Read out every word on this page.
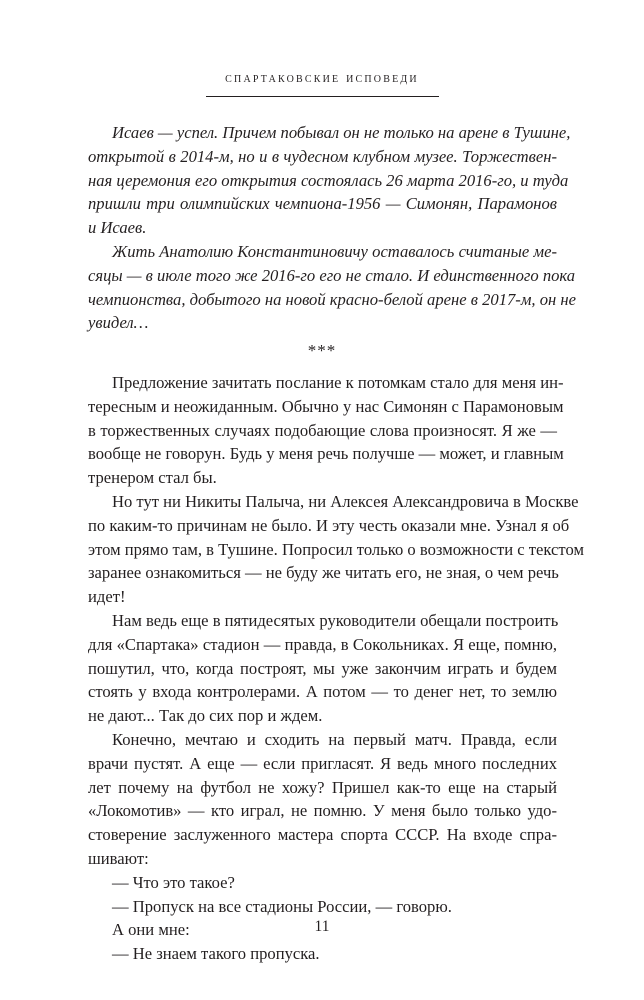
спартаковские исповеди
Исаев — успел. Причем побывал он не только на арене в Тушине,
открытой в 2014-м, но и в чудесном клубном музее. Торжествен-
ная церемония его открытия состоялась 26 марта 2016-го, и туда
пришли три олимпийских чемпиона-1956 — Симонян, Парамонов
и Исаев.
Жить Анатолию Константиновичу оставалось считаные ме-
сяцы — в июле того же 2016-го его не стало. И единственного пока
чемпионства, добытого на новой красно-белой арене в 2017-м, он не
увидел…
***
Предложение зачитать послание к потомкам стало для меня ин-
тересным и неожиданным. Обычно у нас Симонян с Парамоновым
в торжественных случаях подобающие слова произносят. Я же —
вообще не говорун. Будь у меня речь получше — может, и главным
тренером стал бы.
Но тут ни Никиты Палыча, ни Алексея Александровича в Москве
по каким-то причинам не было. И эту честь оказали мне. Узнал я об
этом прямо там, в Тушине. Попросил только о возможности с текстом
заранее ознакомиться — не буду же читать его, не зная, о чем речь
идет!
Нам ведь еще в пятидесятых руководители обещали построить
для «Спартака» стадион — правда, в Сокольниках. Я еще, помню,
пошутил, что, когда построят, мы уже закончим играть и будем
стоять у входа контролерами. А потом — то денег нет, то землю
не дают... Так до сих пор и ждем.
Конечно, мечтаю и сходить на первый матч. Правда, если
врачи пустят. А еще — если пригласят. Я ведь много последних
лет почему на футбол не хожу? Пришел как-то еще на старый
«Локомотив» — кто играл, не помню. У меня было только удо-
стоверение заслуженного мастера спорта СССР. На входе спра-
шивают:
— Что это такое?
— Пропуск на все стадионы России, — говорю.
А они мне:
— Не знаем такого пропуска.
11
